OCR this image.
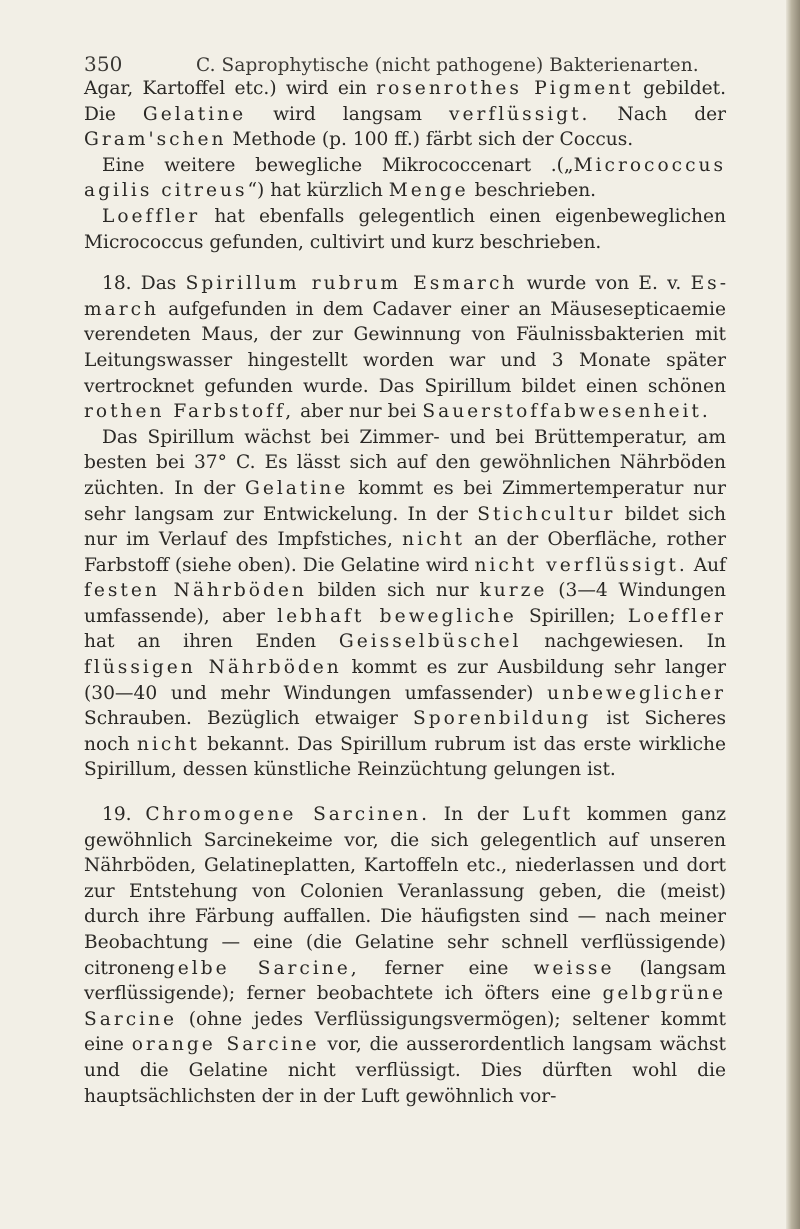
350	C. Saprophytische (nicht pathogene) Bakterienarten.

Agar, Kartoffel etc.) wird ein rosenrothes Pigment gebildet. Die Gelatine wird langsam verflüssigt. Nach der Gram'schen Methode (p. 100 ff.) färbt sich der Coccus.

Eine weitere bewegliche Mikrococcenart .(„Micrococcus agilis citreus“) hat kürzlich Menge beschrieben.

Loeffler hat ebenfalls gelegentlich einen eigenbeweglichen Micrococcus gefunden, cultivirt und kurz beschrieben.

18. Das Spirillum rubrum Esmarch wurde von E. v. Esmarch aufgefunden in dem Cadaver einer an Mäusesepticaemie verendeten Maus, der zur Gewinnung von Fäulnissbakterien mit Leitungswasser hingestellt worden war und 3 Monate später vertrocknet gefunden wurde. Das Spirillum bildet einen schönen rothen Farbstoff, aber nur bei Sauerstoffabwesenheit.

Das Spirillum wächst bei Zimmer- und bei Brüttemperatur, am besten bei 37° C. Es lässt sich auf den gewöhnlichen Nährböden züchten. In der Gelatine kommt es bei Zimmertemperatur nur sehr langsam zur Entwickelung. In der Stichcultur bildet sich nur im Verlauf des Impfstiches, nicht an der Oberfläche, rother Farbstoff (siehe oben). Die Gelatine wird nicht verflüssigt. Auf festen Nährböden bilden sich nur kurze (3—4 Windungen umfassende), aber lebhaft bewegliche Spirillen; Loeffler hat an ihren Enden Geisselbüschel nachgewiesen. In flüssigen Nährböden kommt es zur Ausbildung sehr langer (30—40 und mehr Windungen umfassender) unbeweglicher Schrauben. Bezüglich etwaiger Sporenbildung ist Sicheres noch nicht bekannt. Das Spirillum rubrum ist das erste wirkliche Spirillum, dessen künstliche Reinzüchtung gelungen ist.

19. Chromogene Sarcinen. In der Luft kommen ganz gewöhnlich Sarcinekeime vor, die sich gelegentlich auf unseren Nährböden, Gelatineplatten, Kartoffeln etc., niederlassen und dort zur Entstehung von Colonien Veranlassung geben, die (meist) durch ihre Färbung auffallen. Die häufigsten sind — nach meiner Beobachtung — eine (die Gelatine sehr schnell verflüssigende) citronengelbe Sarcine, ferner eine weisse (langsam verflüssigende); ferner beobachtete ich öfters eine gelbgrüne Sarcine (ohne jedes Verflüssigungsvermögen); seltener kommt eine orange Sarcine vor, die ausserordentlich langsam wächst und die Gelatine nicht verflüssigt. Dies dürften wohl die hauptsächlichsten der in der Luft gewöhnlich vor-
